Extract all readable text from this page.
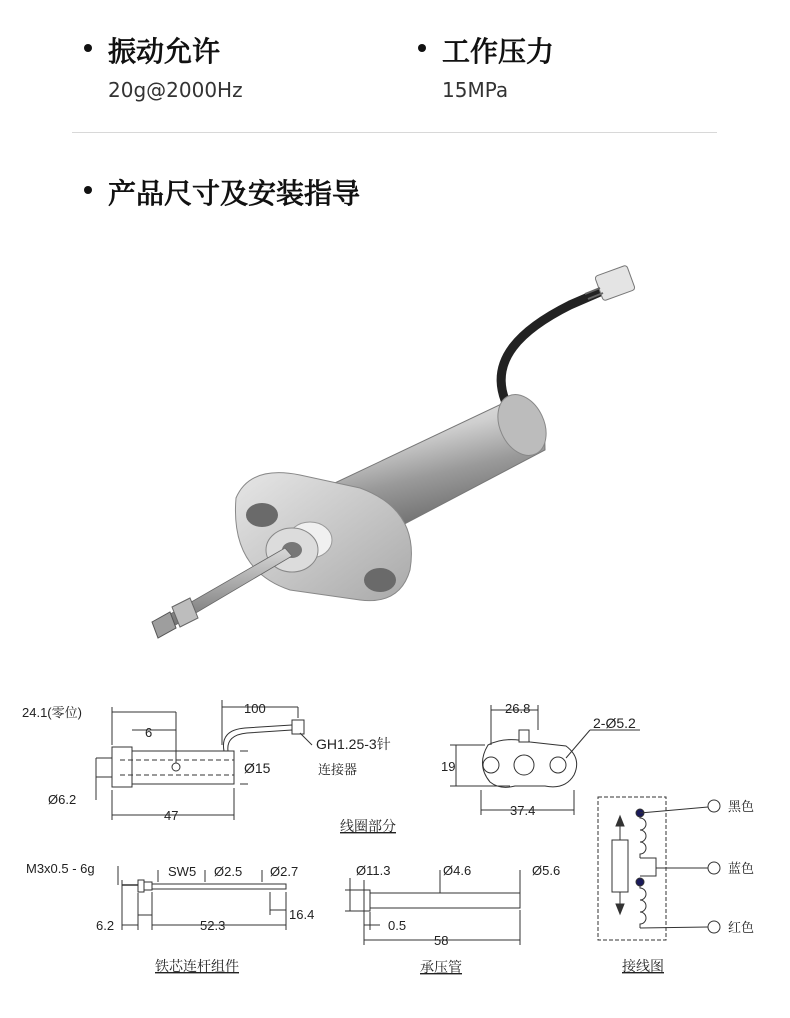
振动允许
20g@2000Hz
工作压力
15MPa
产品尺寸及安装指导
24.1(零位)
6
100
GH1.25-3针
连接器
Ø15
Ø6.2
47
线圈部分
26.8
2-Ø5.2
19
37.4
M3x0.5 - 6g	SW5 Ø2.5 Ø2.7
6.2	52.3
16.4
铁芯连杆组件
Ø11.3	Ø4.6	Ø5.6
0.5
58
承压管
黑色
蓝色
红色
接线图
